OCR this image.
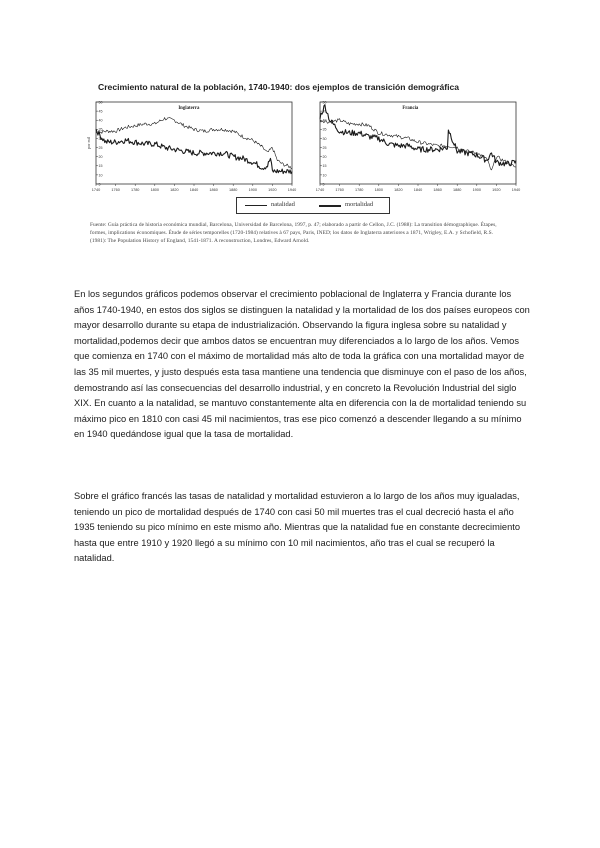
Crecimiento natural de la población, 1740-1940: dos ejemplos de transición demográfica
Inglaterra
por mil
5
10
15
20
25
30
35
40
45
50
1740	1760	1780	1800	1820	1840	1860	1880	1900	1920	1940
Francia
5
10
15
20
25
30
35
40
45
50
1740	1760	1780	1800	1820	1840	1860	1880	1900	1920	1940
natalidad	mortalidad
Fuente: Guía práctica de historia económica mundial, Barcelona, Universidad de Barcelona, 1997, p. 47; elaborado a partir de Cellon, J.C. (1988): La transition démographique. Étapes, formes, implications économiques. Étude de séries temporelles (1720-1984) relatives à 67 pays, Paris, INED; los datos de Inglaterra anteriores a 1871, Wrigley, E.A. y Schofield, R.S. (1981): The Population History of England, 1541-1871. A reconstruction, Londres, Edward Arnold.
En los segundos gráficos podemos observar el crecimiento poblacional de Inglaterra y Francia durante los años 1740-1940, en estos dos siglos se distinguen la natalidad y la mortalidad de los dos países europeos con mayor desarrollo durante su etapa de industrialización. Observando la figura inglesa sobre su natalidad y mortalidad,podemos decir que ambos datos se encuentran muy diferenciados a lo largo de los años. Vemos que comienza en 1740 con el máximo de mortalidad más alto de toda la gráfica con una mortalidad mayor de las 35 mil muertes, y justo después esta tasa mantiene una tendencia que disminuye con el paso de los años, demostrando así las consecuencias del desarrollo industrial, y en concreto la Revolución Industrial del siglo XIX. En cuanto a la natalidad, se mantuvo constantemente alta en diferencia con la de mortalidad teniendo su máximo pico en 1810 con casi 45 mil nacimientos, tras ese pico comenzó a descender llegando a su mínimo en 1940 quedándose igual que la tasa de mortalidad.
Sobre el gráfico francés las tasas de natalidad y mortalidad estuvieron a lo largo de los años muy igualadas, teniendo un pico de mortalidad después de 1740 con casi 50 mil muertes tras el cual decreció hasta el año 1935 teniendo su pico mínimo en este mismo año. Mientras que la natalidad fue en constante decrecimiento hasta que entre 1910 y 1920 llegó a su mínimo con 10 mil nacimientos, año tras el cual se recuperó la natalidad.
